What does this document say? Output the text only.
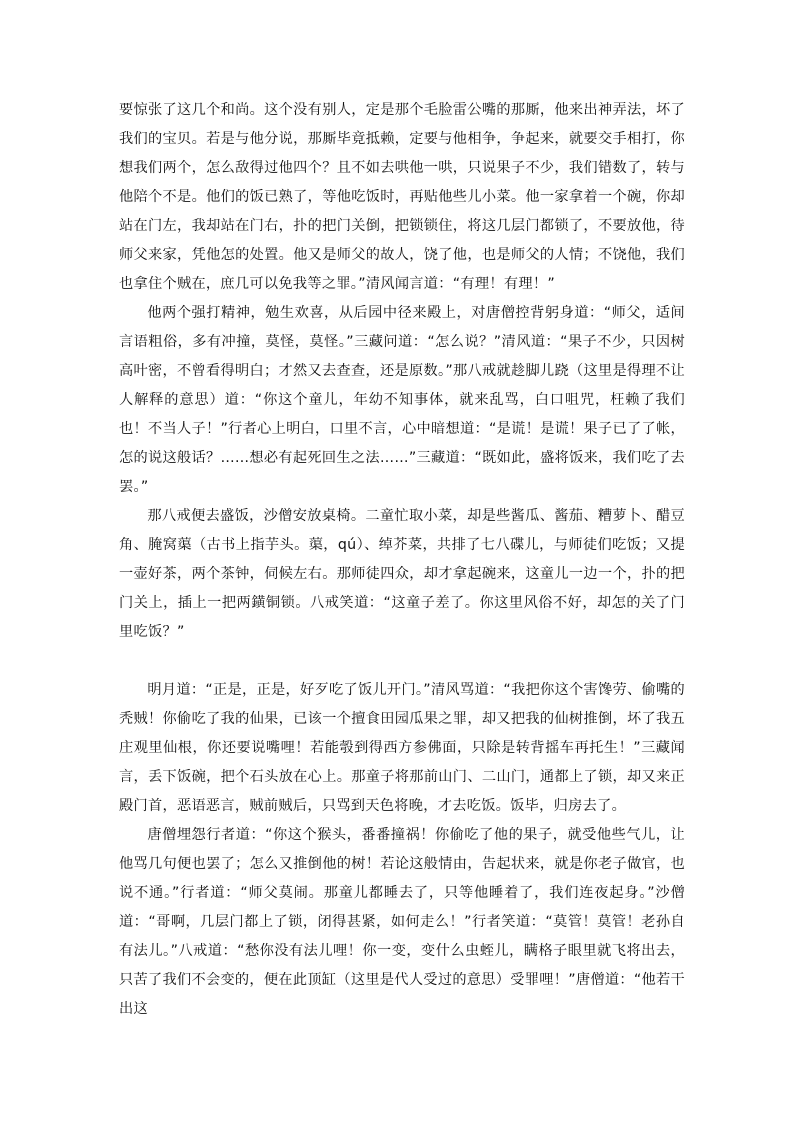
要惊张了这几个和尚。这个没有别人，定是那个毛脸雷公嘴的那厮，他来出神弄法，坏了我们的宝贝。若是与他分说，那厮毕竟抵赖，定要与他相争，争起来，就要交手相打，你想我们两个，怎么敌得过他四个？且不如去哄他一哄，只说果子不少，我们错数了，转与他陪个不是。他们的饭已熟了，等他吃饭时，再贴他些儿小菜。他一家拿着一个碗，你却站在门左，我却站在门右，扑的把门关倒，把锁锁住，将这几层门都锁了，不要放他，待师父来家，凭他怎的处置。他又是师父的故人，饶了他，也是师父的人情；不饶他，我们也拿住个贼在，庶几可以免我等之罪。”清风闻言道：“有理！有理！”

他两个强打精神，勉生欢喜，从后园中径来殿上，对唐僧控背躬身道：“师父，适间言语粗俗，多有冲撞，莫怪，莫怪。”三藏问道：“怎么说？”清风道：“果子不少，只因树高叶密，不曾看得明白；才然又去查查，还是原数。”那八戒就趁脚儿跷（这里是得理不让人解释的意思）道：“你这个童儿，年幼不知事体，就来乱骂，白口咀咒，枉赖了我们也！不当人子！”行者心上明白，口里不言，心中暗想道：“是谎！是谎！果子已了了帐，怎的说这般话？……想必有起死回生之法……”三藏道：“既如此，盛将饭来，我们吃了去罢。”

那八戒便去盛饭，沙僧安放桌椅。二童忙取小菜，却是些酱瓜、酱茄、糟萝卜、醋豆角、腌窝蕖（古书上指芋头。蕖，qú）、绰芥菜，共排了七八碟儿，与师徒们吃饭；又提一壶好茶，两个茶钟，伺候左右。那师徒四众，却才拿起碗来，这童儿一边一个，扑的把门关上，插上一把两鐄铜锁。八戒笑道：“这童子差了。你这里风俗不好，却怎的关了门里吃饭？”

明月道：“正是，正是，好歹吃了饭儿开门。”清风骂道：“我把你这个害馋劳、偷嘴的秃贼！你偷吃了我的仙果，已该一个擅食田园瓜果之罪，却又把我的仙树推倒，坏了我五庄观里仙根，你还要说嘴哩！若能彀到得西方参佛面，只除是转背摇车再托生！”三藏闻言，丢下饭碗，把个石头放在心上。那童子将那前山门、二山门，通都上了锁，却又来正殿门首，恶语恶言，贼前贼后，只骂到天色将晚，才去吃饭。饭毕，归房去了。

唐僧埋怨行者道：“你这个猴头，番番撞祸！你偷吃了他的果子，就受他些气儿，让他骂几句便也罢了；怎么又推倒他的树！若论这般情由，告起状来，就是你老子做官，也说不通。”行者道：“师父莫闹。那童儿都睡去了，只等他睡着了，我们连夜起身。”沙僧道：“哥啊，几层门都上了锁，闭得甚紧，如何走么！”行者笑道：“莫管！莫管！老孙自有法儿。”八戒道：“愁你没有法儿哩！你一变，变什么虫蛭儿，瞒格子眼里就飞将出去，只苦了我们不会变的，便在此顶缸（这里是代人受过的意思）受罪哩！”唐僧道：“他若干出这
